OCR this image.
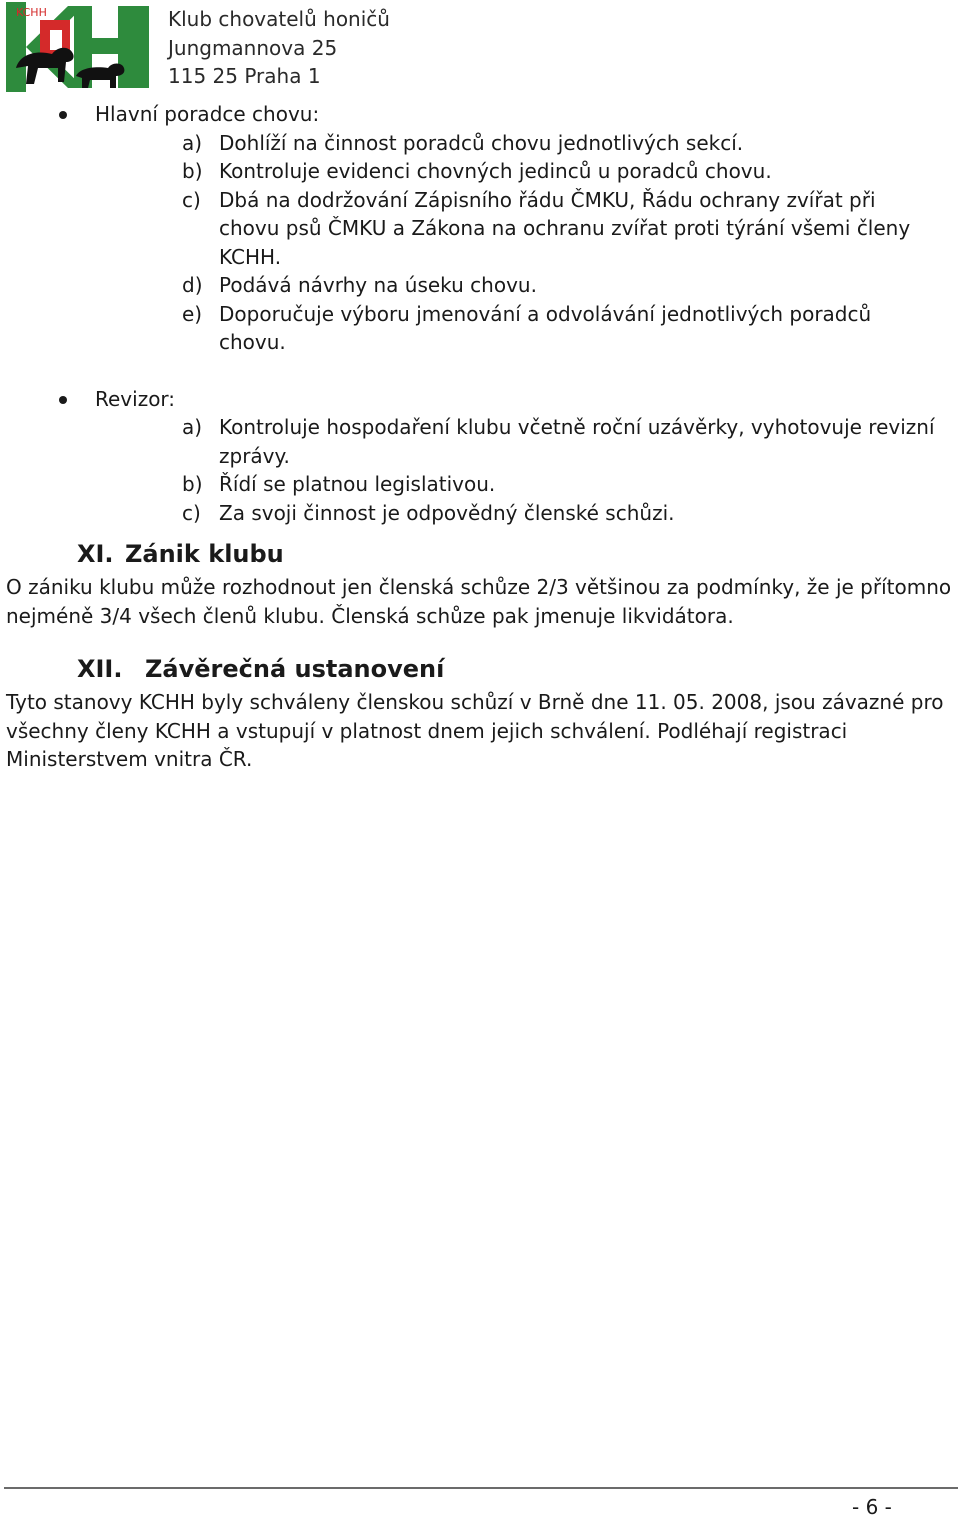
KCHH	Klub chovatelů honičů
Jungmannova 25
115 25 Praha 1
Hlavní poradce chovu:
a) Dohlíží na činnost poradců chovu jednotlivých sekcí.
b) Kontroluje evidenci chovných jedinců u poradců chovu.
c) Dbá na dodržování Zápisního řádu ČMKU, Řádu ochrany zvířat při chovu psů ČMKU a Zákona na ochranu zvířat proti týrání všemi členy KCHH.
d) Podává návrhy na úseku chovu.
e) Doporučuje výboru jmenování a odvolávání jednotlivých poradců chovu.
Revizor:
a) Kontroluje hospodaření klubu včetně roční uzávěrky, vyhotovuje revizní zprávy.
b) Řídí se platnou legislativou.
c) Za svoji činnost je odpovědný členské schůzi.
XI. Zánik klubu
O zániku klubu může rozhodnout jen členská schůze 2/3 většinou za podmínky, že je přítomno nejméně 3/4 všech členů klubu. Členská schůze pak jmenuje likvidátora.
XII. Závěrečná ustanovení
Tyto stanovy KCHH byly schváleny členskou schůzí v Brně dne 11. 05. 2008, jsou závazné pro všechny členy KCHH a vstupují v platnost dnem jejich schválení. Podléhají registraci Ministerstvem vnitra ČR.
- 6 -
